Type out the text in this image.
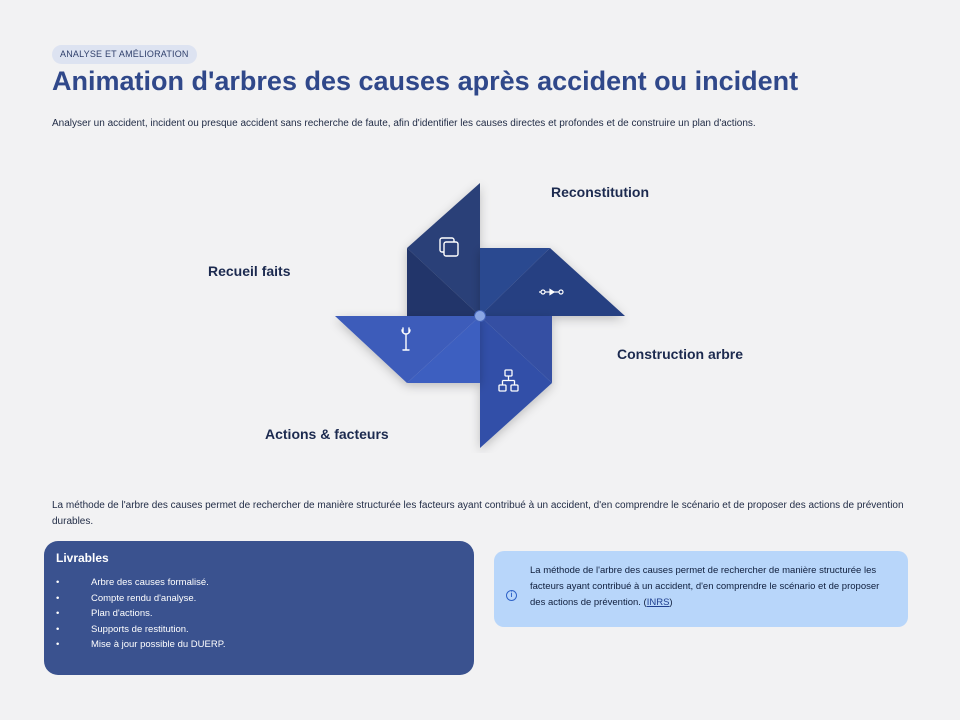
ANALYSE ET AMÉLIORATION
Animation d'arbres des causes après accident ou incident

Analyser un accident, incident ou presque accident sans recherche de faute, afin d'identifier les causes directes et profondes et de construire un plan d'actions.

Recueil faits
Reconstitution
Construction arbre
Actions & facteurs

La méthode de l'arbre des causes permet de rechercher de manière structurée les facteurs ayant contribué à un accident, d'en comprendre le scénario et de proposer des actions de prévention durables.

Livrables
• Arbre des causes formalisé.
• Compte rendu d'analyse.
• Plan d'actions.
• Supports de restitution.
• Mise à jour possible du DUERP.
i
La méthode de l'arbre des causes permet de rechercher de manière structurée les facteurs ayant contribué à un accident, d'en comprendre le scénario et de proposer des actions de prévention. (INRS)
